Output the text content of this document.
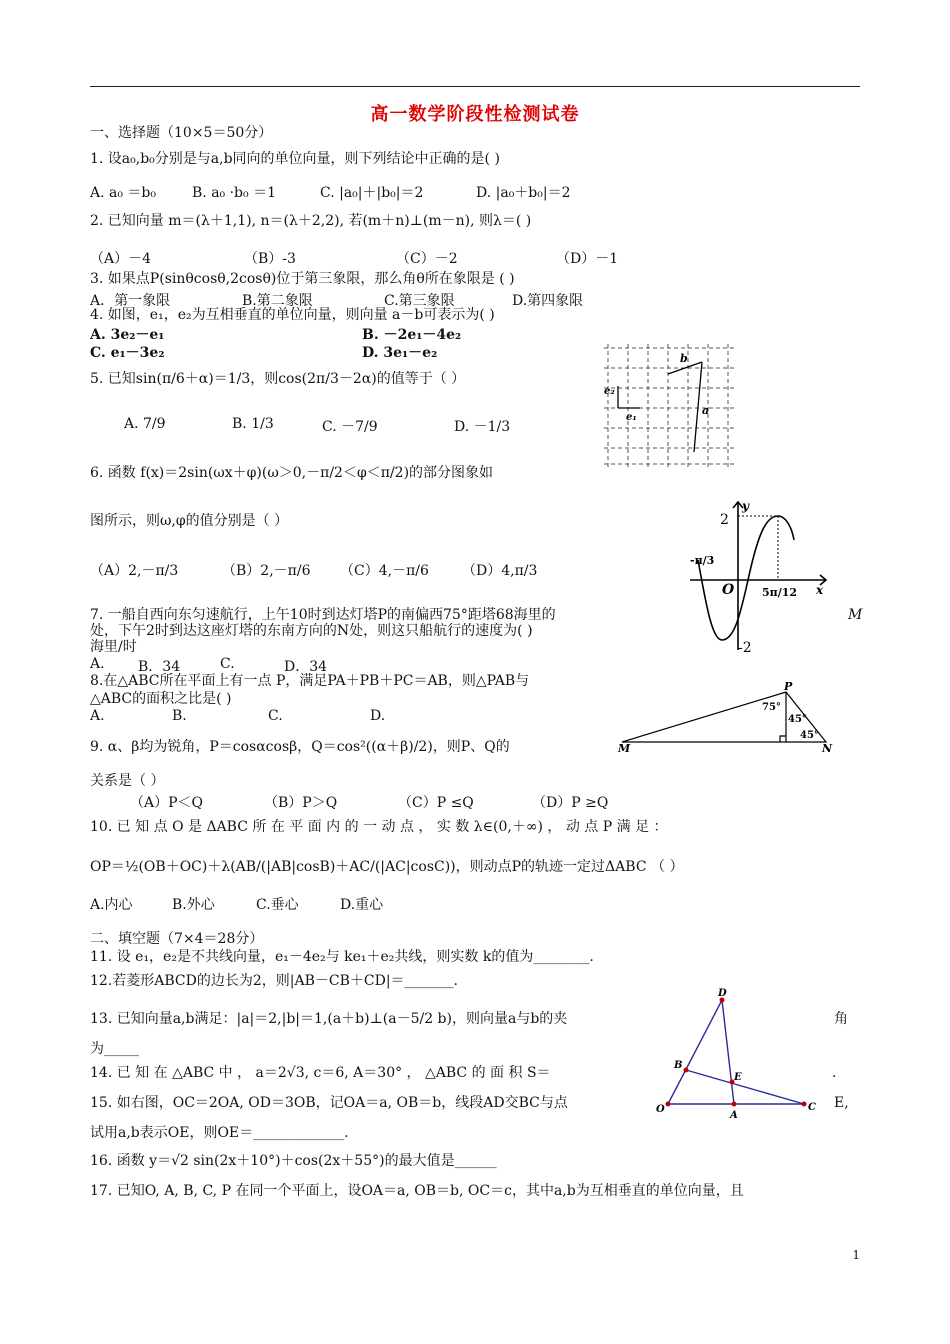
高一数学阶段性检测试卷
一、选择题（10×5＝50分）
1. 设a₀,b₀分别是与a,b同向的单位向量，则下列结论中正确的是( )
A. a₀ ＝b₀	B. a₀ ·b₀ ＝1	C. |a₀|＋|b₀|＝2	D. |a₀＋b₀|＝2
2. 已知向量 m＝(λ＋1,1), n＝(λ＋2,2), 若(m＋n)⊥(m－n), 则λ＝( )
（A）－4	（B）-3	（C）－2	（D）－1
3. 如果点P(sinθcosθ,2cosθ)位于第三象限，那么角θ所在象限是 ( )
A．第一象限	B.第二象限	C.第三象限	D.第四象限
4. 如图，e₁，e₂为互相垂直的单位向量，则向量 a－b可表示为( )
A. 3e₂－e₁	B. －2e₁－4e₂
C. e₁－3e₂	D. 3e₁－e₂
e₂
e₁
b
a
5. 已知sin(π/6＋α)＝1/3，则cos(2π/3－2α)的值等于（ ）
A. 7/9	B. 1/3	C. －7/9	D. －1/3
6. 函数 f(x)＝2sin(ωx＋φ)(ω＞0,－π/2＜φ＜π/2)的部分图象如
图所示，则ω,φ的值分别是（ ）
（A）2,－π/3	（B）2,－π/6 （C）4,－π/6 （D）4,π/3
2
y
x
O
-π/3
5π/12
-2
7. 一船自西向东匀速航行，上午10时到达灯塔P的南偏西75°距塔68海里的	M
处，下午2时到达这座灯塔的东南方向的N处，则这只船航行的速度为( )
海里/时
A. B．34	C.	D．34
8.在△ABC所在平面上有一点 P，满足PA＋PB＋PC＝AB，则△PAB与
△ABC的面积之比是( )
A.	B.	C.	D.
P
M	N
75°
45°
45°
9. α、β均为锐角，P＝cosαcosβ，Q＝cos²((α＋β)/2)，则P、Q的
关系是（ ）
（A）P＜Q	（B）P＞Q	（C）P ≤Q	（D）P ≥Q
10. 已 知 点 O 是 ΔABC 所 在 平 面 内 的 一 动 点 ， 实 数 λ∈(0,＋∞) ， 动 点 P 满 足 ：
OP＝½(OB＋OC)＋λ(AB/(|AB|cosB)＋AC/(|AC|cosC))，则动点P的轨迹一定过ΔABC （ ）
A.内心	B.外心	C.垂心	D.重心
二、填空题（7×4＝28分）
11. 设 e₁，e₂是不共线向量，e₁－4e₂与 ke₁＋e₂共线，则实数 k的值为________.
12.若菱形ABCD的边长为2，则|AB－CB＋CD|＝_______.
13. 已知向量a,b满足：|a|＝2,|b|＝1,(a＋b)⊥(a－5/2 b)，则向量a与b的夹	角
为_____
14. 已 知 在 △ABC 中 ， a＝2√3, c＝6, A＝30° ， △ABC 的 面 积 S＝	.
15. 如右图，OC＝2OA, OD＝3OB，记OA＝a, OB＝b，线段AD交BC与点	E,
试用a,b表示OE，则OE＝_____________.
D
B
E
O
A
C
16. 函数 y＝√2 sin(2x＋10°)＋cos(2x＋55°)的最大值是______
17. 已知O, A, B, C, P 在同一个平面上，设OA＝a, OB＝b, OC＝c，其中a,b为互相垂直的单位向量，且
1
